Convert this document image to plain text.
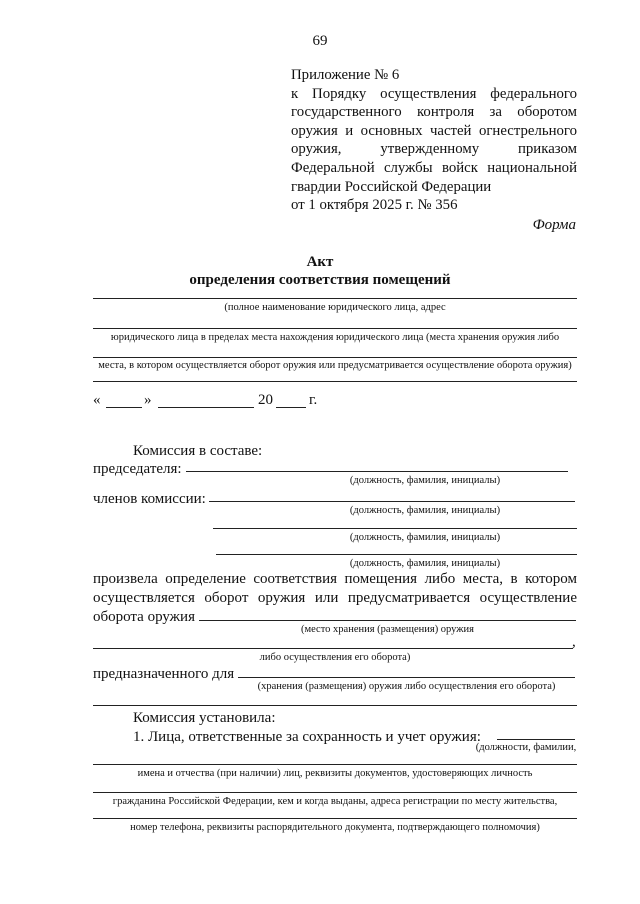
69
Приложение № 6
к Порядку осуществления федерального
государственного контроля за оборотом
оружия и основных частей огнестрельного
оружия, утвержденному приказом
Федеральной службы войск национальной
гвардии Российской Федерации
от 1 октября 2025 г. № 356
Форма
Акт
определения соответствия помещений
(полное наименование юридического лица, адрес
юридического лица в пределах места нахождения юридического лица (места хранения оружия либо
места, в котором осуществляется оборот оружия или предусматривается осуществление оборота оружия)
«	»	20 г.
Комиссия в составе:
председателя:
(должность, фамилия, инициалы)
членов комиссии:
(должность, фамилия, инициалы)
(должность, фамилия, инициалы)
(должность, фамилия, инициалы)
произвела определение соответствия помещения либо места, в котором
осуществляется оборот оружия или предусматривается осуществление
оборота оружия
(место хранения (размещения) оружия
,
либо осуществления его оборота)
предназначенного для
(хранения (размещения) оружия либо осуществления его оборота)
Комиссия установила:
1. Лица, ответственные за сохранность и учет оружия:
(должности, фамилии,
имена и отчества (при наличии) лиц, реквизиты документов, удостоверяющих личность
гражданина Российской Федерации, кем и когда выданы, адреса регистрации по месту жительства,
номер телефона, реквизиты распорядительного документа, подтверждающего полномочия)
